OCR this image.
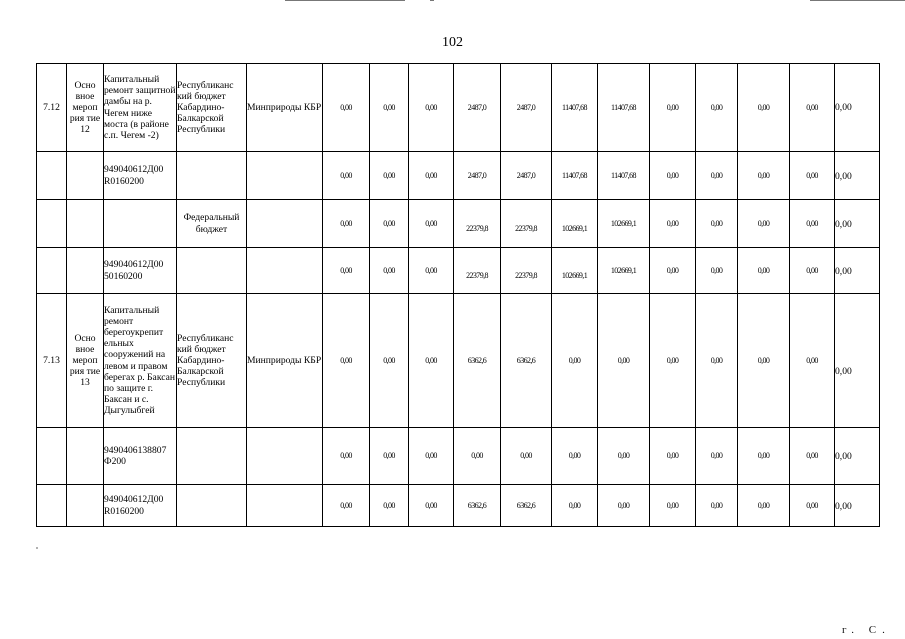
102
7.12	Осно вное мероп рия тие 12	Капитальный ремонт защитной дамбы на р. Чегем ниже моста (в районе с.п. Чегем -2)	Республиканс кий бюджет Кабардино- Балкарской Республики	Минприроды КБР	0,00	0,00	0,00	2487,0	2487,0	11407,68	11407,68	0,00	0,00	0,00	0,00	0,00
		949040612Д00 R0160200			0,00	0,00	0,00	2487,0	2487,0	11407,68	11407,68	0,00	0,00	0,00	0,00	0,00
			Федеральный бюджет		0,00	0,00	0,00	22379,8	22379,8	102669,1	102669,1	0,00	0,00	0,00	0,00	0,00
		949040612Д00 50160200			0,00	0,00	0,00	22379,8	22379,8	102669,1	102669,1	0,00	0,00	0,00	0,00	0,00
7.13	Осно вное мероп рия тие 13	Капитальный ремонт берегоукрепит ельных сооружений на левом и правом берегах р. Баксан по защите г. Баксан и с. Дыгулыбгей	Республиканс кий бюджет Кабардино- Балкарской Республики	Минприроды КБР	0,00	0,00	0,00	6362,6	6362,6	0,00	0,00	0,00	0,00	0,00	0,00	0,00
		9490406138807 Ф200			0,00	0,00	0,00	0,00	0,00	0,00	0,00	0,00	0,00	0,00	0,00	0,00
		949040612Д00 R0160200			0,00	0,00	0,00	6362,6	6362,6	0,00	0,00	0,00	0,00	0,00	0,00	0,00
г. С.
